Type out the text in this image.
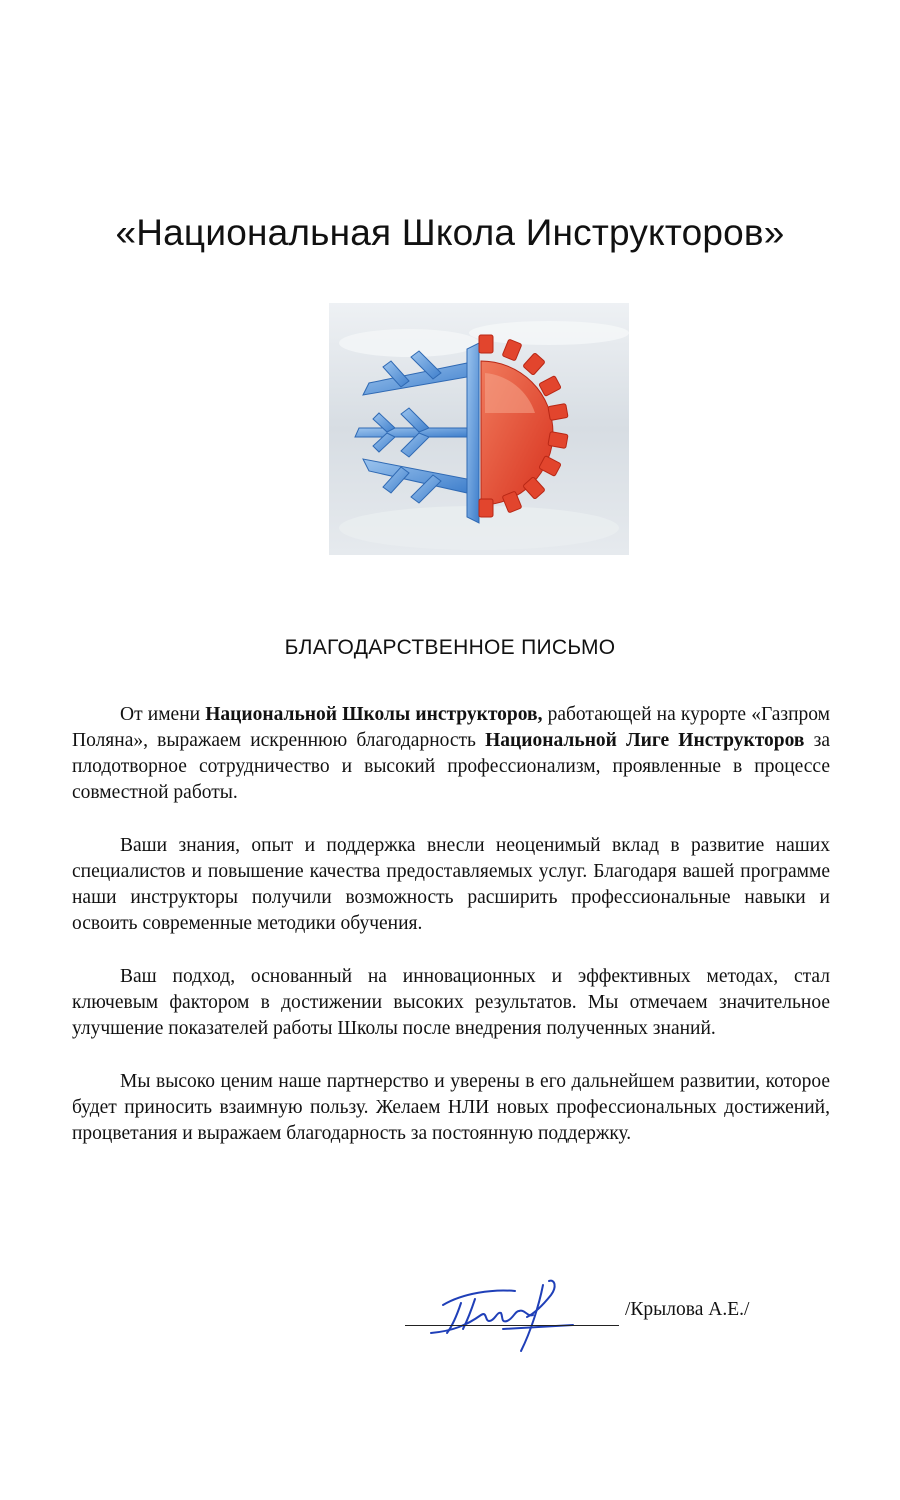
«Национальная Школа Инструкторов»
БЛАГОДАРСТВЕННОЕ ПИСЬМО

От имени Национальной Школы инструкторов, работающей на курорте «Газпром Поляна», выражаем искреннюю благодарность Национальной Лиге Инструкторов за плодотворное сотрудничество и высокий профессионализм, проявленные в процессе совместной работы.

Ваши знания, опыт и поддержка внесли неоценимый вклад в развитие наших специалистов и повышение качества предоставляемых услуг. Благодаря вашей программе наши инструкторы получили возможность расширить профессиональные навыки и освоить современные методики обучения.

Ваш подход, основанный на инновационных и эффективных методах, стал ключевым фактором в достижении высоких результатов. Мы отмечаем значительное улучшение показателей работы Школы после внедрения полученных знаний.

Мы высоко ценим наше партнерство и уверены в его дальнейшем развитии, которое будет приносить взаимную пользу. Желаем НЛИ новых профессиональных достижений, процветания и выражаем благодарность за постоянную поддержку.

/Крылова А.Е./
